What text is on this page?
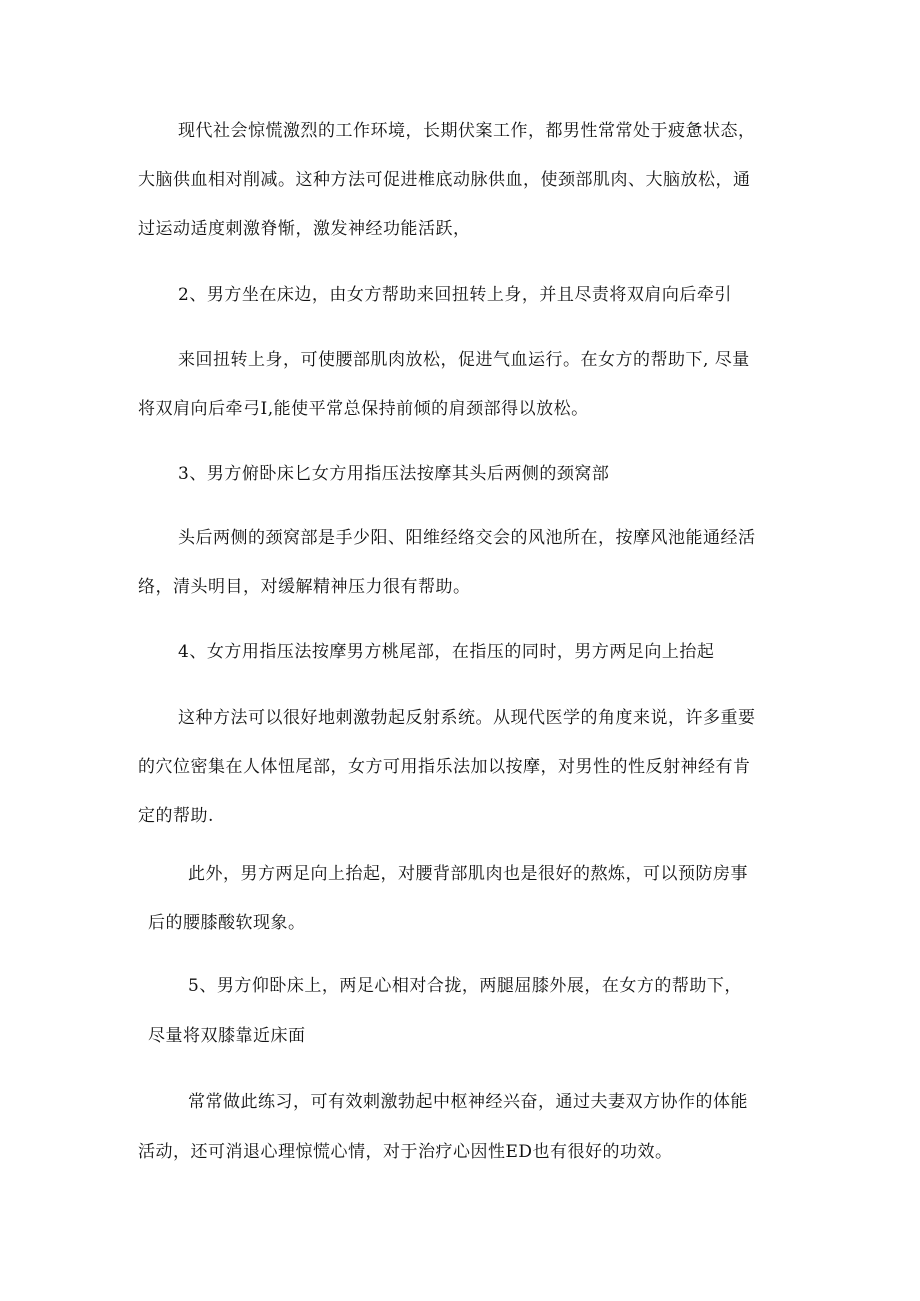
现代社会惊慌激烈的工作环境，长期伏案工作，都男性常常处于疲惫状态，
大脑供血相对削减。这种方法可促进椎底动脉供血，使颈部肌肉、大脑放松，通
过运动适度刺激脊惭，激发神经功能活跃，
2、男方坐在床边，由女方帮助来回扭转上身，并且尽责将双肩向后牵引
来回扭转上身，可使腰部肌肉放松，促进气血运行。在女方的帮助下, 尽量
将双肩向后牵弓I,能使平常总保持前倾的肩颈部得以放松。
3、男方俯卧床匕女方用指压法按摩其头后两侧的颈窝部
头后两侧的颈窝部是手少阳、阳维经络交会的风池所在，按摩风池能通经活
络，清头明目，对缓解精神压力很有帮助。
4、女方用指压法按摩男方桃尾部，在指压的同时，男方两足向上抬起
这种方法可以很好地刺激勃起反射系统。从现代医学的角度来说，许多重要
的穴位密集在人体忸尾部，女方可用指乐法加以按摩，对男性的性反射神经有肯
定的帮助.
此外，男方两足向上抬起，对腰背部肌肉也是很好的熬炼，可以预防房事
后的腰膝酸软现象。
5、男方仰卧床上，两足心相对合拢，两腿屈膝外展，在女方的帮助下，
尽量将双膝靠近床面
常常做此练习，可有效刺激勃起中枢神经兴奋，通过夫妻双方协作的体能
活动，还可消退心理惊慌心情，对于治疗心因性ED也有很好的功效。
